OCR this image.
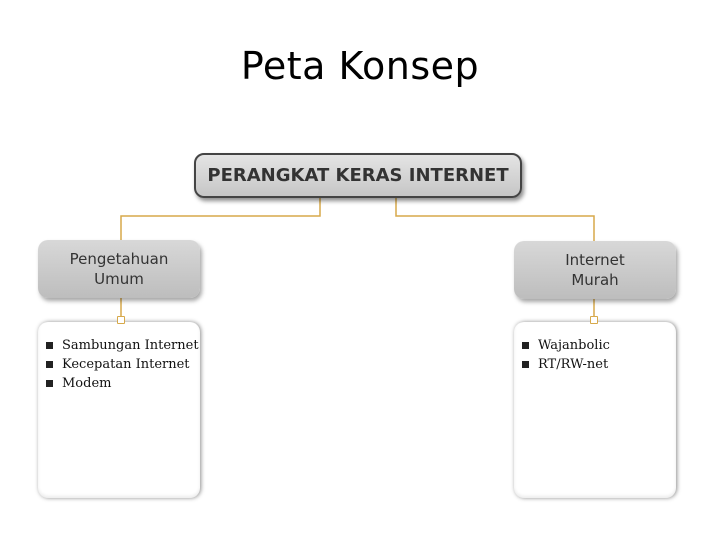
Peta Konsep
PERANGKAT KERAS INTERNET
Pengetahuan
Umum
Internet
Murah
Sambungan Internet
Kecepatan Internet
Modem
Wajanbolic
RT/RW-net
